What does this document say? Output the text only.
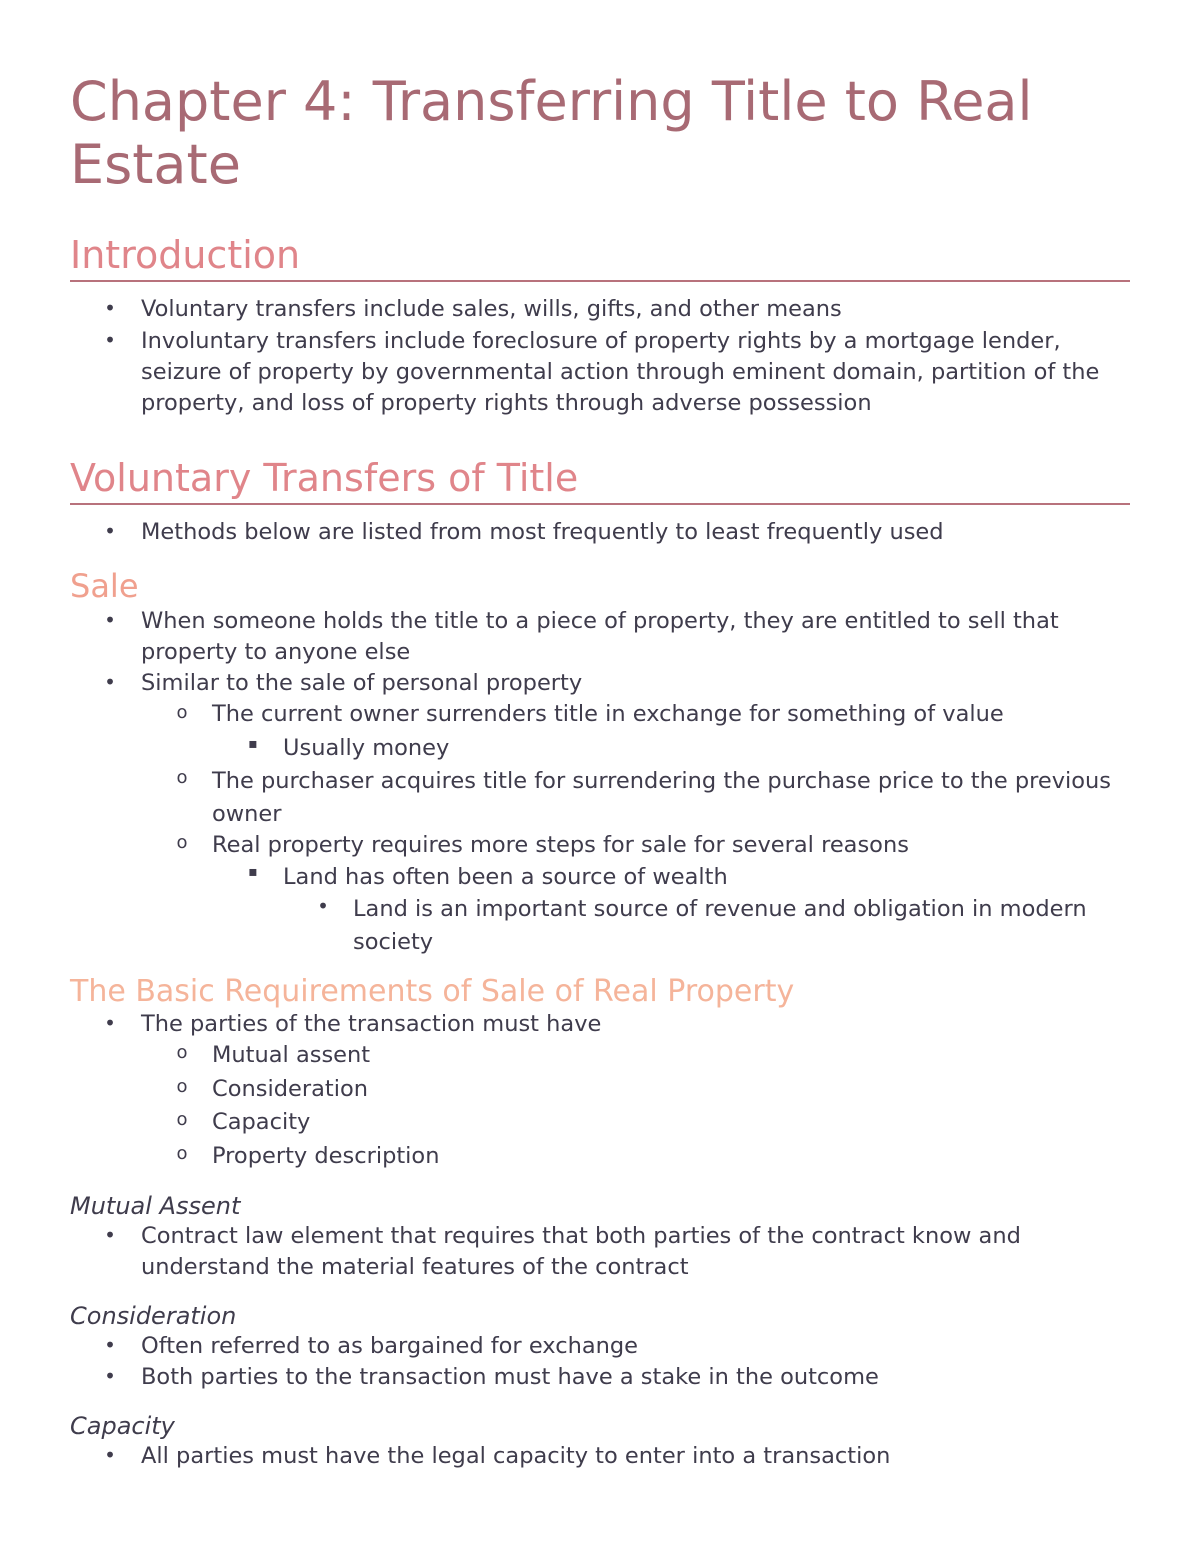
Chapter 4: Transferring Title to Real Estate
Introduction
•	Voluntary transfers include sales, wills, gifts, and other means
•	Involuntary transfers include foreclosure of property rights by a mortgage lender, seizure of property by governmental action through eminent domain, partition of the property, and loss of property rights through adverse possession
Voluntary Transfers of Title
•	Methods below are listed from most frequently to least frequently used
Sale
•	When someone holds the title to a piece of property, they are entitled to sell that property to anyone else
•	Similar to the sale of personal property
o	The current owner surrenders title in exchange for something of value
▪	Usually money
o	The purchaser acquires title for surrendering the purchase price to the previous owner
o	Real property requires more steps for sale for several reasons
▪	Land has often been a source of wealth
•	Land is an important source of revenue and obligation in modern society
The Basic Requirements of Sale of Real Property
•	The parties of the transaction must have
o	Mutual assent
o	Consideration
o	Capacity
o	Property description
Mutual Assent
•	Contract law element that requires that both parties of the contract know and understand the material features of the contract
Consideration
•	Often referred to as bargained for exchange
•	Both parties to the transaction must have a stake in the outcome
Capacity
•	All parties must have the legal capacity to enter into a transaction
